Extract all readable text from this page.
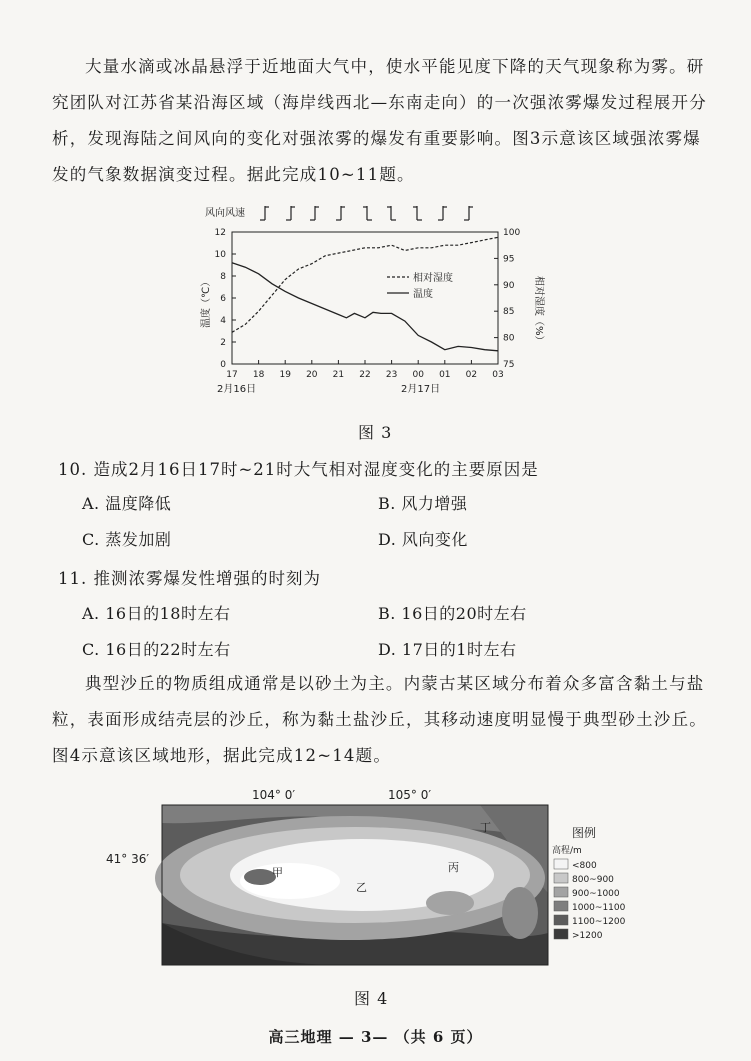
大量水滴或冰晶悬浮于近地面大气中，使水平能见度下降的天气现象称为雾。研究团队对江苏省某沿海区域（海岸线西北—东南走向）的一次强浓雾爆发过程展开分析，发现海陆之间风向的变化对强浓雾的爆发有重要影响。图3示意该区域强浓雾爆发的气象数据演变过程。据此完成10~11题。

风向风速
0
2
4
6
8
10
12
75
80
85
90
95
100
17 18 19 20 21 22 23 00 01 02 03
温度（℃）	相对湿度（%）
相对湿度
温度
2月16日	2月17日
图 3
10. 造成2月16日17时~21时大气相对湿度变化的主要原因是
A. 温度降低	B. 风力增强
C. 蒸发加剧	D. 风向变化
11. 推测浓雾爆发性增强的时刻为
A. 16日的18时左右	B. 16日的20时左右
C. 16日的22时左右	D. 17日的1时左右

典型沙丘的物质组成通常是以砂土为主。内蒙古某区域分布着众多富含黏土与盐粒，表面形成结壳层的沙丘，称为黏土盐沙丘，其移动速度明显慢于典型砂土沙丘。图4示意该区域地形，据此完成12~14题。

104° 0′	105° 0′
41° 36′
甲
乙
丙
丁	图例
高程/m
<800
800~900
900~1000
1000~1100
1100~1200
>1200
图 4
高三地理 — 3— （共 6 页）
